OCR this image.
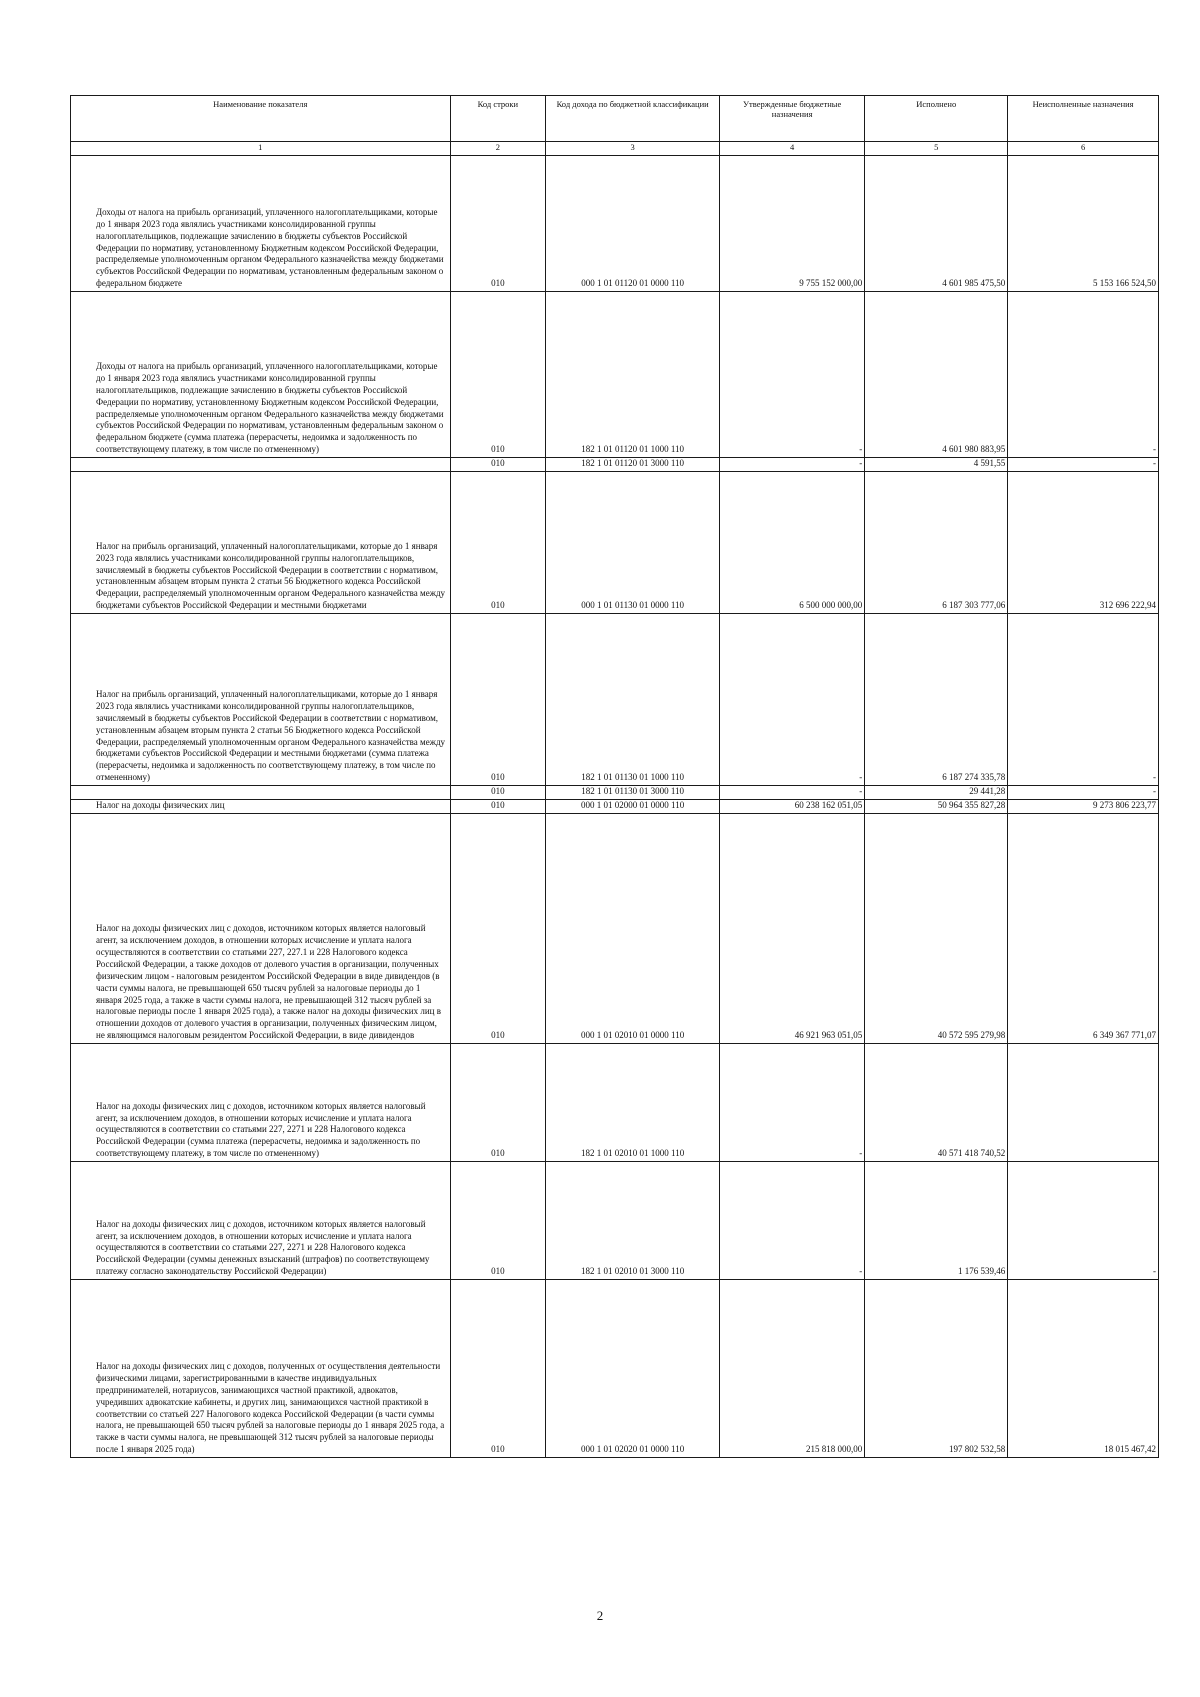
Наименование показателя	Код строки	Код дохода по бюджетной классификации	Утвержденные бюджетные назначения	Исполнено	Неисполненные назначения
1	2	3	4	5	6
Доходы от налога на прибыль организаций, уплаченного налогоплательщиками, которые до 1 января 2023 года являлись участниками консолидированной группы налогоплательщиков, подлежащие зачислению в бюджеты субъектов Российской Федерации по нормативу, установленному Бюджетным кодексом Российской Федерации, распределяемые уполномоченным органом Федерального казначейства между бюджетами субъектов Российской Федерации по нормативам, установленным федеральным законом о федеральном бюджете	010	000 1 01 01120 01 0000 110	9 755 152 000,00	4 601 985 475,50	5 153 166 524,50
Доходы от налога на прибыль организаций, уплаченного налогоплательщиками, которые до 1 января 2023 года являлись участниками консолидированной группы налогоплательщиков, подлежащие зачислению в бюджеты субъектов Российской Федерации по нормативу, установленному Бюджетным кодексом Российской Федерации, распределяемые уполномоченным органом Федерального казначейства между бюджетами субъектов Российской Федерации по нормативам, установленным федеральным законом о федеральном бюджете (сумма платежа (перерасчеты, недоимка и задолженность по соответствующему платежу, в том числе по отмененному)	010	182 1 01 01120 01 1000 110	-	4 601 980 883,95	-
	010	182 1 01 01120 01 3000 110	-	4 591,55	-
Налог на прибыль организаций, уплаченный налогоплательщиками, которые до 1 января 2023 года являлись участниками консолидированной группы налогоплательщиков, зачисляемый в бюджеты субъектов Российской Федерации в соответствии с нормативом, установленным абзацем вторым пункта 2 статьи 56 Бюджетного кодекса Российской Федерации, распределяемый уполномоченным органом Федерального казначейства между бюджетами субъектов Российской Федерации и местными бюджетами	010	000 1 01 01130 01 0000 110	6 500 000 000,00	6 187 303 777,06	312 696 222,94
Налог на прибыль организаций, уплаченный налогоплательщиками, которые до 1 января 2023 года являлись участниками консолидированной группы налогоплательщиков, зачисляемый в бюджеты субъектов Российской Федерации в соответствии с нормативом, установленным абзацем вторым пункта 2 статьи 56 Бюджетного кодекса Российской Федерации, распределяемый уполномоченным органом Федерального казначейства между бюджетами субъектов Российской Федерации и местными бюджетами (сумма платежа (перерасчеты, недоимка и задолженность по соответствующему платежу, в том числе по отмененному)	010	182 1 01 01130 01 1000 110	-	6 187 274 335,78	-
	010	182 1 01 01130 01 3000 110	-	29 441,28	-
Налог на доходы физических лиц	010	000 1 01 02000 01 0000 110	60 238 162 051,05	50 964 355 827,28	9 273 806 223,77
Налог на доходы физических лиц с доходов, источником которых является налоговый агент, за исключением доходов, в отношении которых исчисление и уплата налога осуществляются в соответствии со статьями 227, 227.1 и 228 Налогового кодекса Российской Федерации, а также доходов от долевого участия в организации, полученных физическим лицом - налоговым резидентом Российской Федерации в виде дивидендов (в части суммы налога, не превышающей 650 тысяч рублей за налоговые периоды до 1 января 2025 года, а также в части суммы налога, не превышающей 312 тысяч рублей за налоговые периоды после 1 января 2025 года), а также налог на доходы физических лиц в отношении доходов от долевого участия в организации, полученных физическим лицом, не являющимся налоговым резидентом Российской Федерации, в виде дивидендов	010	000 1 01 02010 01 0000 110	46 921 963 051,05	40 572 595 279,98	6 349 367 771,07
Налог на доходы физических лиц с доходов, источником которых является налоговый агент, за исключением доходов, в отношении которых исчисление и уплата налога осуществляются в соответствии со статьями 227, 2271 и 228 Налогового кодекса Российской Федерации (сумма платежа (перерасчеты, недоимка и задолженность по соответствующему платежу, в том числе по отмененному)	010	182 1 01 02010 01 1000 110	-	40 571 418 740,52	
Налог на доходы физических лиц с доходов, источником которых является налоговый агент, за исключением доходов, в отношении которых исчисление и уплата налога осуществляются в соответствии со статьями 227, 2271 и 228 Налогового кодекса Российской Федерации (суммы денежных взысканий (штрафов) по соответствующему платежу согласно законодательству Российской Федерации)	010	182 1 01 02010 01 3000 110	-	1 176 539,46	-
Налог на доходы физических лиц с доходов, полученных от осуществления деятельности физическими лицами, зарегистрированными в качестве индивидуальных предпринимателей, нотариусов, занимающихся частной практикой, адвокатов, учредивших адвокатские кабинеты, и других лиц, занимающихся частной практикой в соответствии со статьей 227 Налогового кодекса Российской Федерации (в части суммы налога, не превышающей 650 тысяч рублей за налоговые периоды до 1 января 2025 года, а также в части суммы налога, не превышающей 312 тысяч рублей за налоговые периоды после 1 января 2025 года)	010	000 1 01 02020 01 0000 110	215 818 000,00	197 802 532,58	18 015 467,42
2
